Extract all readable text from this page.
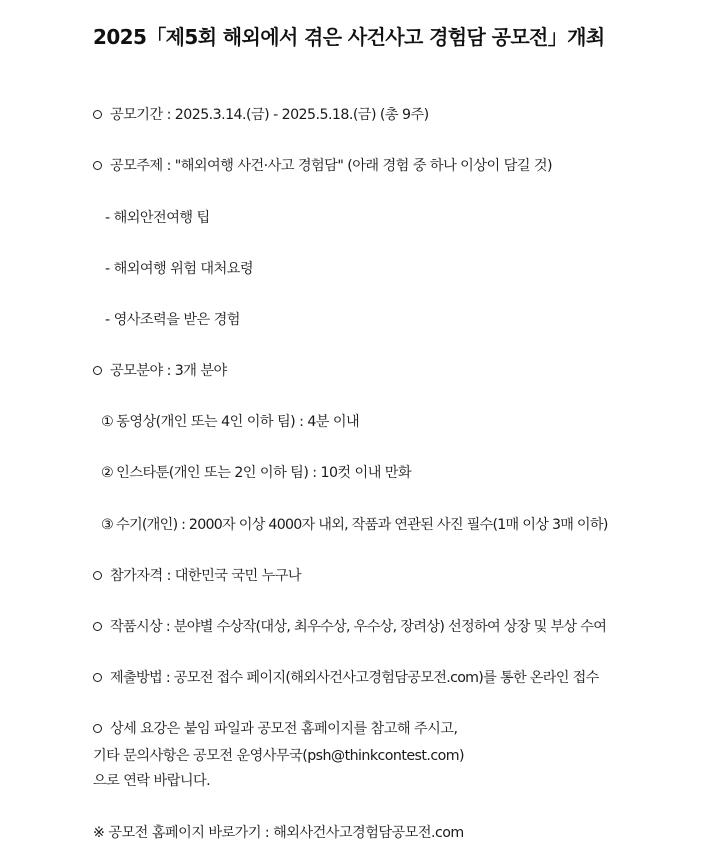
2025「제5회 해외에서 겪은 사건사고 경험담 공모전」개최
공모기간 : 2025.3.14.(금) - 2025.5.18.(금) (총 9주)
공모주제 : "해외여행 사건·사고 경험담" (아래 경험 중 하나 이상이 담길 것)
- 해외안전여행 팁
- 해외여행 위험 대처요령
- 영사조력을 받은 경험
공모분야 : 3개 분야
① 동영상(개인 또는 4인 이하 팀) : 4분 이내
② 인스타툰(개인 또는 2인 이하 팀) : 10컷 이내 만화
③ 수기(개인) : 2000자 이상 4000자 내외, 작품과 연관된 사진 필수(1매 이상 3매 이하)
참가자격 : 대한민국 국민 누구나
작품시상 : 분야별 수상작(대상, 최우수상, 우수상, 장려상) 선정하여 상장 및 부상 수여
제출방법 : 공모전 접수 페이지(해외사건사고경험담공모전.com)를 통한 온라인 접수
상세 요강은 붙임 파일과 공모전 홈페이지를 참고해 주시고,
기타 문의사항은 공모전 운영사무국(psh@thinkcontest.com)
으로 연락 바랍니다.
※ 공모전 홈페이지 바로가기 : 해외사건사고경험담공모전.com
